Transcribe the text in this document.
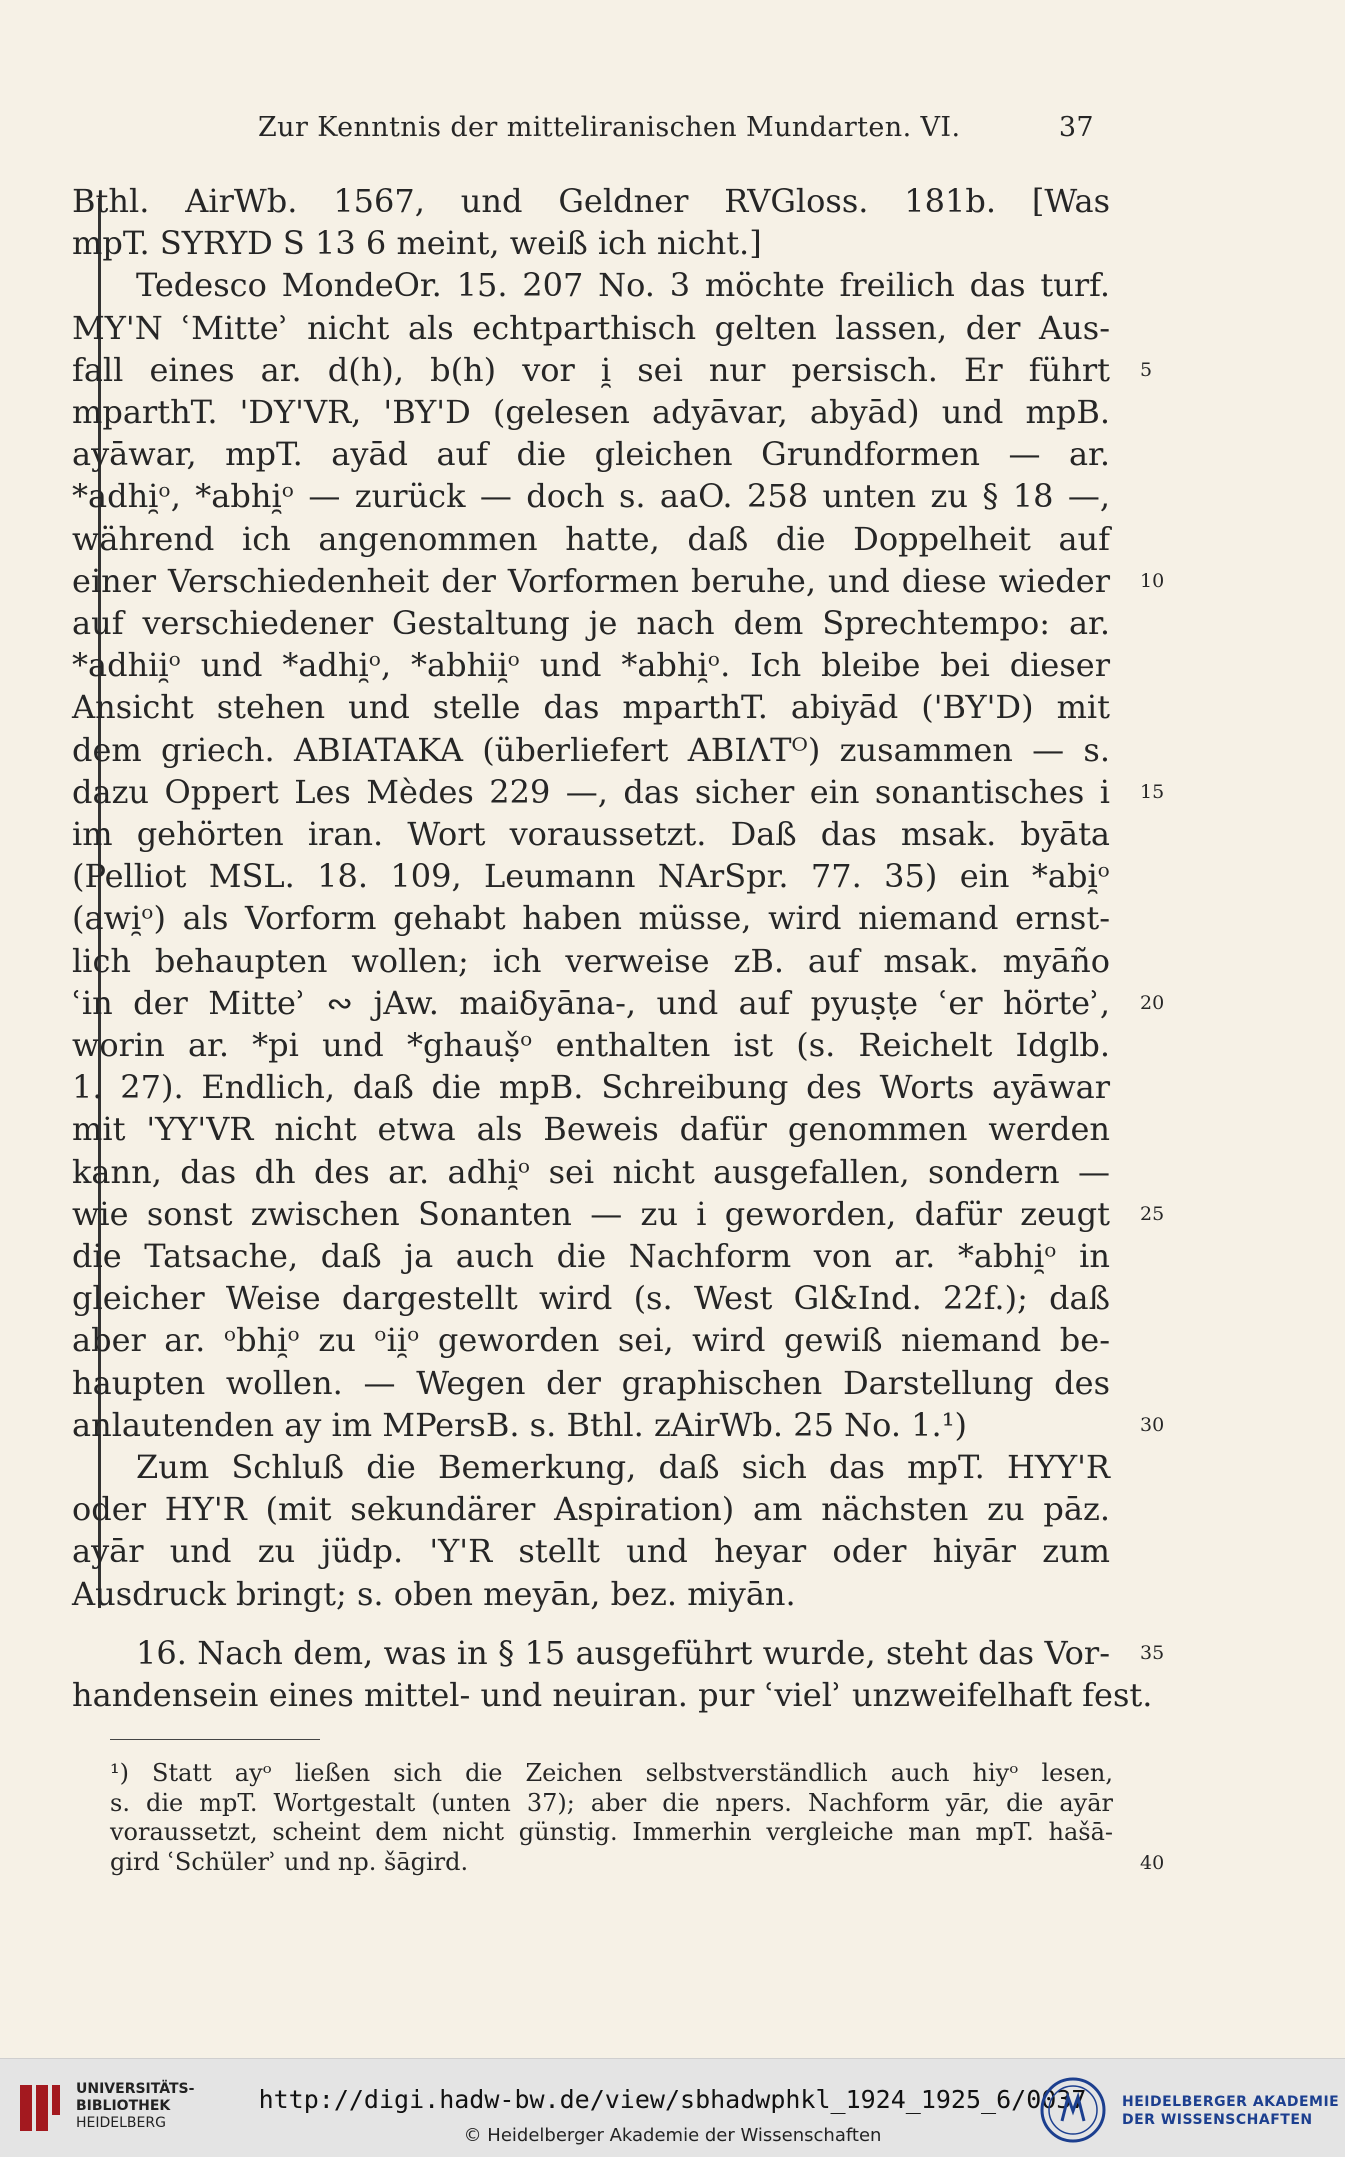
Zur Kenntnis der mitteliranischen Mundarten. VI.	37
Bthl. AirWb. 1567, und Geldner RVGloss. 181b. [Was
mpT. SYRYD S 13 6 meint, weiß ich nicht.]
Tedesco MondeOr. 15. 207 No. 3 möchte freilich das turf.
MY'N ʿMitteʾ nicht als echtparthisch gelten lassen, der Aus-
fall eines ar. d(h), b(h) vor i̯ sei nur persisch. Er führt 5
mparthT. 'DY'VR, 'BY'D (gelesen adyāvar, abyād) und mpB.
ayāwar, mpT. ayād auf die gleichen Grundformen — ar.
*adhi̯ᵒ, *abhi̯ᵒ — zurück — doch s. aaO. 258 unten zu § 18 —,
während ich angenommen hatte, daß die Doppelheit auf
einer Verschiedenheit der Vorformen beruhe, und diese wieder 10
auf verschiedener Gestaltung je nach dem Sprechtempo: ar.
*adhii̯ᵒ und *adhi̯ᵒ, *abhii̯ᵒ und *abhi̯ᵒ. Ich bleibe bei dieser
Ansicht stehen und stelle das mparthT. abiyād ('BY'D) mit
dem griech. ABIATAKA (überliefert ABIΛTᴼ) zusammen — s.
dazu Oppert Les Mèdes 229 —, das sicher ein sonantisches i 15
im gehörten iran. Wort voraussetzt. Daß das msak. byāta
(Pelliot MSL. 18. 109, Leumann NArSpr. 77. 35) ein *abi̯ᵒ
(awi̯ᵒ) als Vorform gehabt haben müsse, wird niemand ernst-
lich behaupten wollen; ich verweise zB. auf msak. myāño
ʿin der Mitteʾ ∾ jAw. maiδyāna-, und auf pyuṣṭe ʿer hörteʾ, 20
worin ar. *pi und *ghauṣ̌ᵒ enthalten ist (s. Reichelt Idglb.
1. 27). Endlich, daß die mpB. Schreibung des Worts ayāwar
mit 'YY'VR nicht etwa als Beweis dafür genommen werden
kann, das dh des ar. adhi̯ᵒ sei nicht ausgefallen, sondern —
wie sonst zwischen Sonanten — zu i geworden, dafür zeugt 25
die Tatsache, daß ja auch die Nachform von ar. *abhi̯ᵒ in
gleicher Weise dargestellt wird (s. West Gl&Ind. 22f.); daß
aber ar. ᵒbhi̯ᵒ zu ᵒii̯ᵒ geworden sei, wird gewiß niemand be-
haupten wollen. — Wegen der graphischen Darstellung des
anlautenden ay im MPersB. s. Bthl. zAirWb. 25 No. 1.¹)	30
Zum Schluß die Bemerkung, daß sich das mpT. HYY'R
oder HY'R (mit sekundärer Aspiration) am nächsten zu pāz.
ayār und zu jüdp. 'Y'R stellt und heyar oder hiyār zum
Ausdruck bringt; s. oben meyān, bez. miyān.
16. Nach dem, was in § 15 ausgeführt wurde, steht das Vor- 35
handensein eines mittel- und neuiran. pur ʿvielʾ unzweifelhaft fest.
¹) Statt ayᵒ ließen sich die Zeichen selbstverständlich auch hiyᵒ lesen,
s. die mpT. Wortgestalt (unten 37); aber die npers. Nachform yār, die ayār
voraussetzt, scheint dem nicht günstig. Immerhin vergleiche man mpT. hašā-
gird ʿSchülerʾ und np. šāgird.	40
UNIVERSITÄTS-
BIBLIOTHEK
HEIDELBERG
http://digi.hadw-bw.de/view/sbhadwphkl_1924_1925_6/0037
© Heidelberger Akademie der Wissenschaften
HEIDELBERGER AKADEMIE
DER WISSENSCHAFTEN
